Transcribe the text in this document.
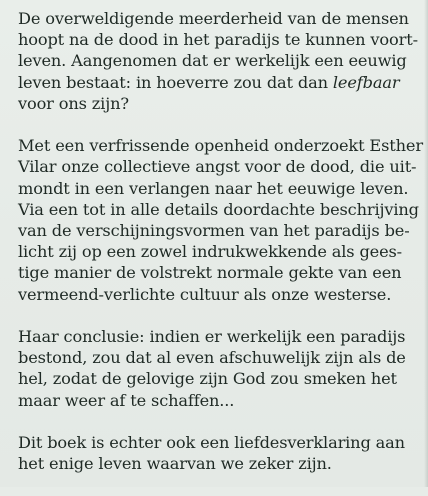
De overweldigende meerderheid van de mensen
hoopt na de dood in het paradijs te kunnen voort-
leven. Aangenomen dat er werkelijk een eeuwig
leven bestaat: in hoeverre zou dat dan leefbaar
voor ons zijn?

Met een verfrissende openheid onderzoekt Esther
Vilar onze collectieve angst voor de dood, die uit-
mondt in een verlangen naar het eeuwige leven.
Via een tot in alle details doordachte beschrijving
van de verschijningsvormen van het paradijs be-
licht zij op een zowel indrukwekkende als gees-
tige manier de volstrekt normale gekte van een
vermeend-verlichte cultuur als onze westerse.

Haar conclusie: indien er werkelijk een paradijs
bestond, zou dat al even afschuwelijk zijn als de
hel, zodat de gelovige zijn God zou smeken het
maar weer af te schaffen...

Dit boek is echter ook een liefdesverklaring aan
het enige leven waarvan we zeker zijn.
